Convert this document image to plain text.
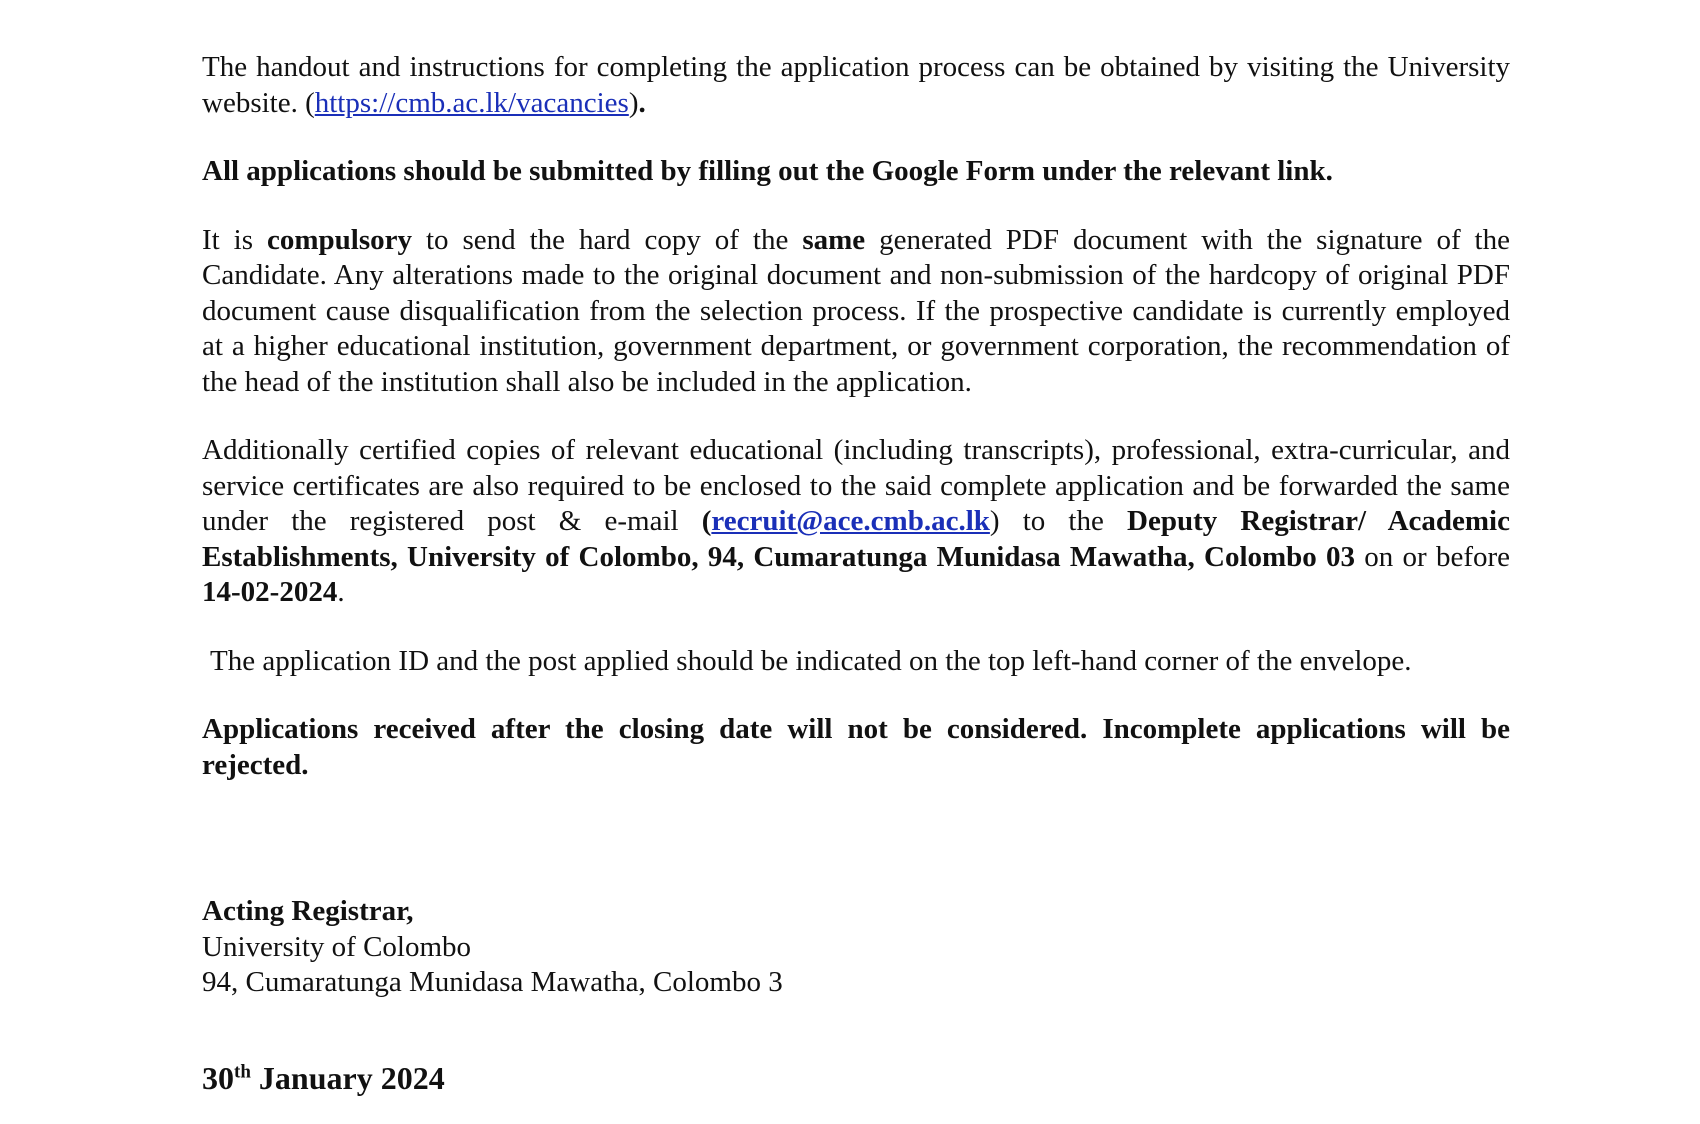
The handout and instructions for completing the application process can be obtained by visiting the University website. (https://cmb.ac.lk/vacancies).

All applications should be submitted by filling out the Google Form under the relevant link.

It is compulsory to send the hard copy of the same generated PDF document with the signature of the Candidate. Any alterations made to the original document and non-submission of the hardcopy of original PDF document cause disqualification from the selection process. If the prospective candidate is currently employed at a higher educational institution, government department, or government corporation, the recommendation of the head of the institution shall also be included in the application.

Additionally certified copies of relevant educational (including transcripts), professional, extra-curricular, and service certificates are also required to be enclosed to the said complete application and be forwarded the same under the registered post & e-mail (recruit@ace.cmb.ac.lk) to the Deputy Registrar/ Academic Establishments, University of Colombo, 94, Cumaratunga Munidasa Mawatha, Colombo 03 on or before 14-02-2024.

The application ID and the post applied should be indicated on the top left-hand corner of the envelope.

Applications received after the closing date will not be considered. Incomplete applications will be rejected.

Acting Registrar,
University of Colombo
94, Cumaratunga Munidasa Mawatha, Colombo 3
30th January 2024
